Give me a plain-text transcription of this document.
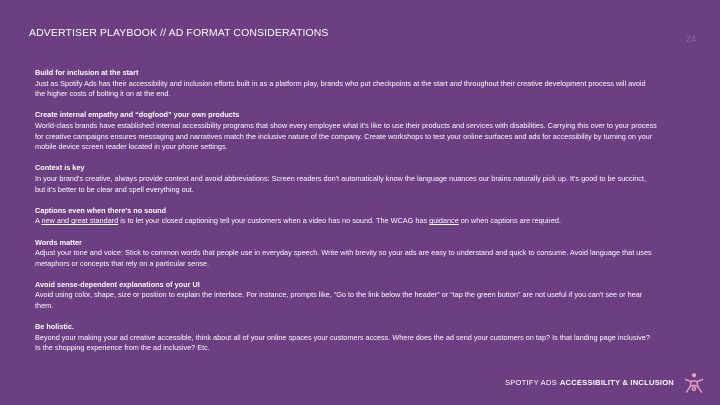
ADVERTISER PLAYBOOK // AD FORMAT CONSIDERATIONS	24
Build for inclusion at the start

Just as Spotify Ads has their accessibility and inclusion efforts built in as a platform play, brands who put checkpoints at the start and throughout their creative development process will avoid the higher costs of bolting it on at the end.

Create internal empathy and “dogfood” your own products

World-class brands have established internal accessibility programs that show every employee what it's like to use their products and services with disabilities. Carrying this over to your process for creative campaigns ensures messaging and narratives match the inclusive nature of the company. Create workshops to test your online surfaces and ads for accessibility by turning on your mobile device screen reader located in your phone settings.

Context is key

In your brand's creative, always provide context and avoid abbreviations: Screen readers don't automatically know the language nuances our brains naturally pick up. It's good to be succinct, but it's better to be clear and spell everything out.

Captions even when there's no sound

A new and great standard is to let your closed captioning tell your customers when a video has no sound. The WCAG has guidance on when captions are required.

Words matter

Adjust your tone and voice: Stick to common words that people use in everyday speech. Write with brevity so your ads are easy to understand and quick to consume. Avoid language that uses metaphors or concepts that rely on a particular sense.

Avoid sense-dependent explanations of your UI

Avoid using color, shape, size or position to explain the interface. For instance, prompts like, “Go to the link below the header” or “tap the green button” are not useful if you can't see or hear them.

Be holistic.

Beyond your making your ad creative accessible, think about all of your online spaces your customers access. Where does the ad send your customers on tap? Is that landing page inclusive? Is the shopping experience from the ad inclusive? Etc.

SPOTIFY ADS ACCESSIBILITY & INCLUSION
